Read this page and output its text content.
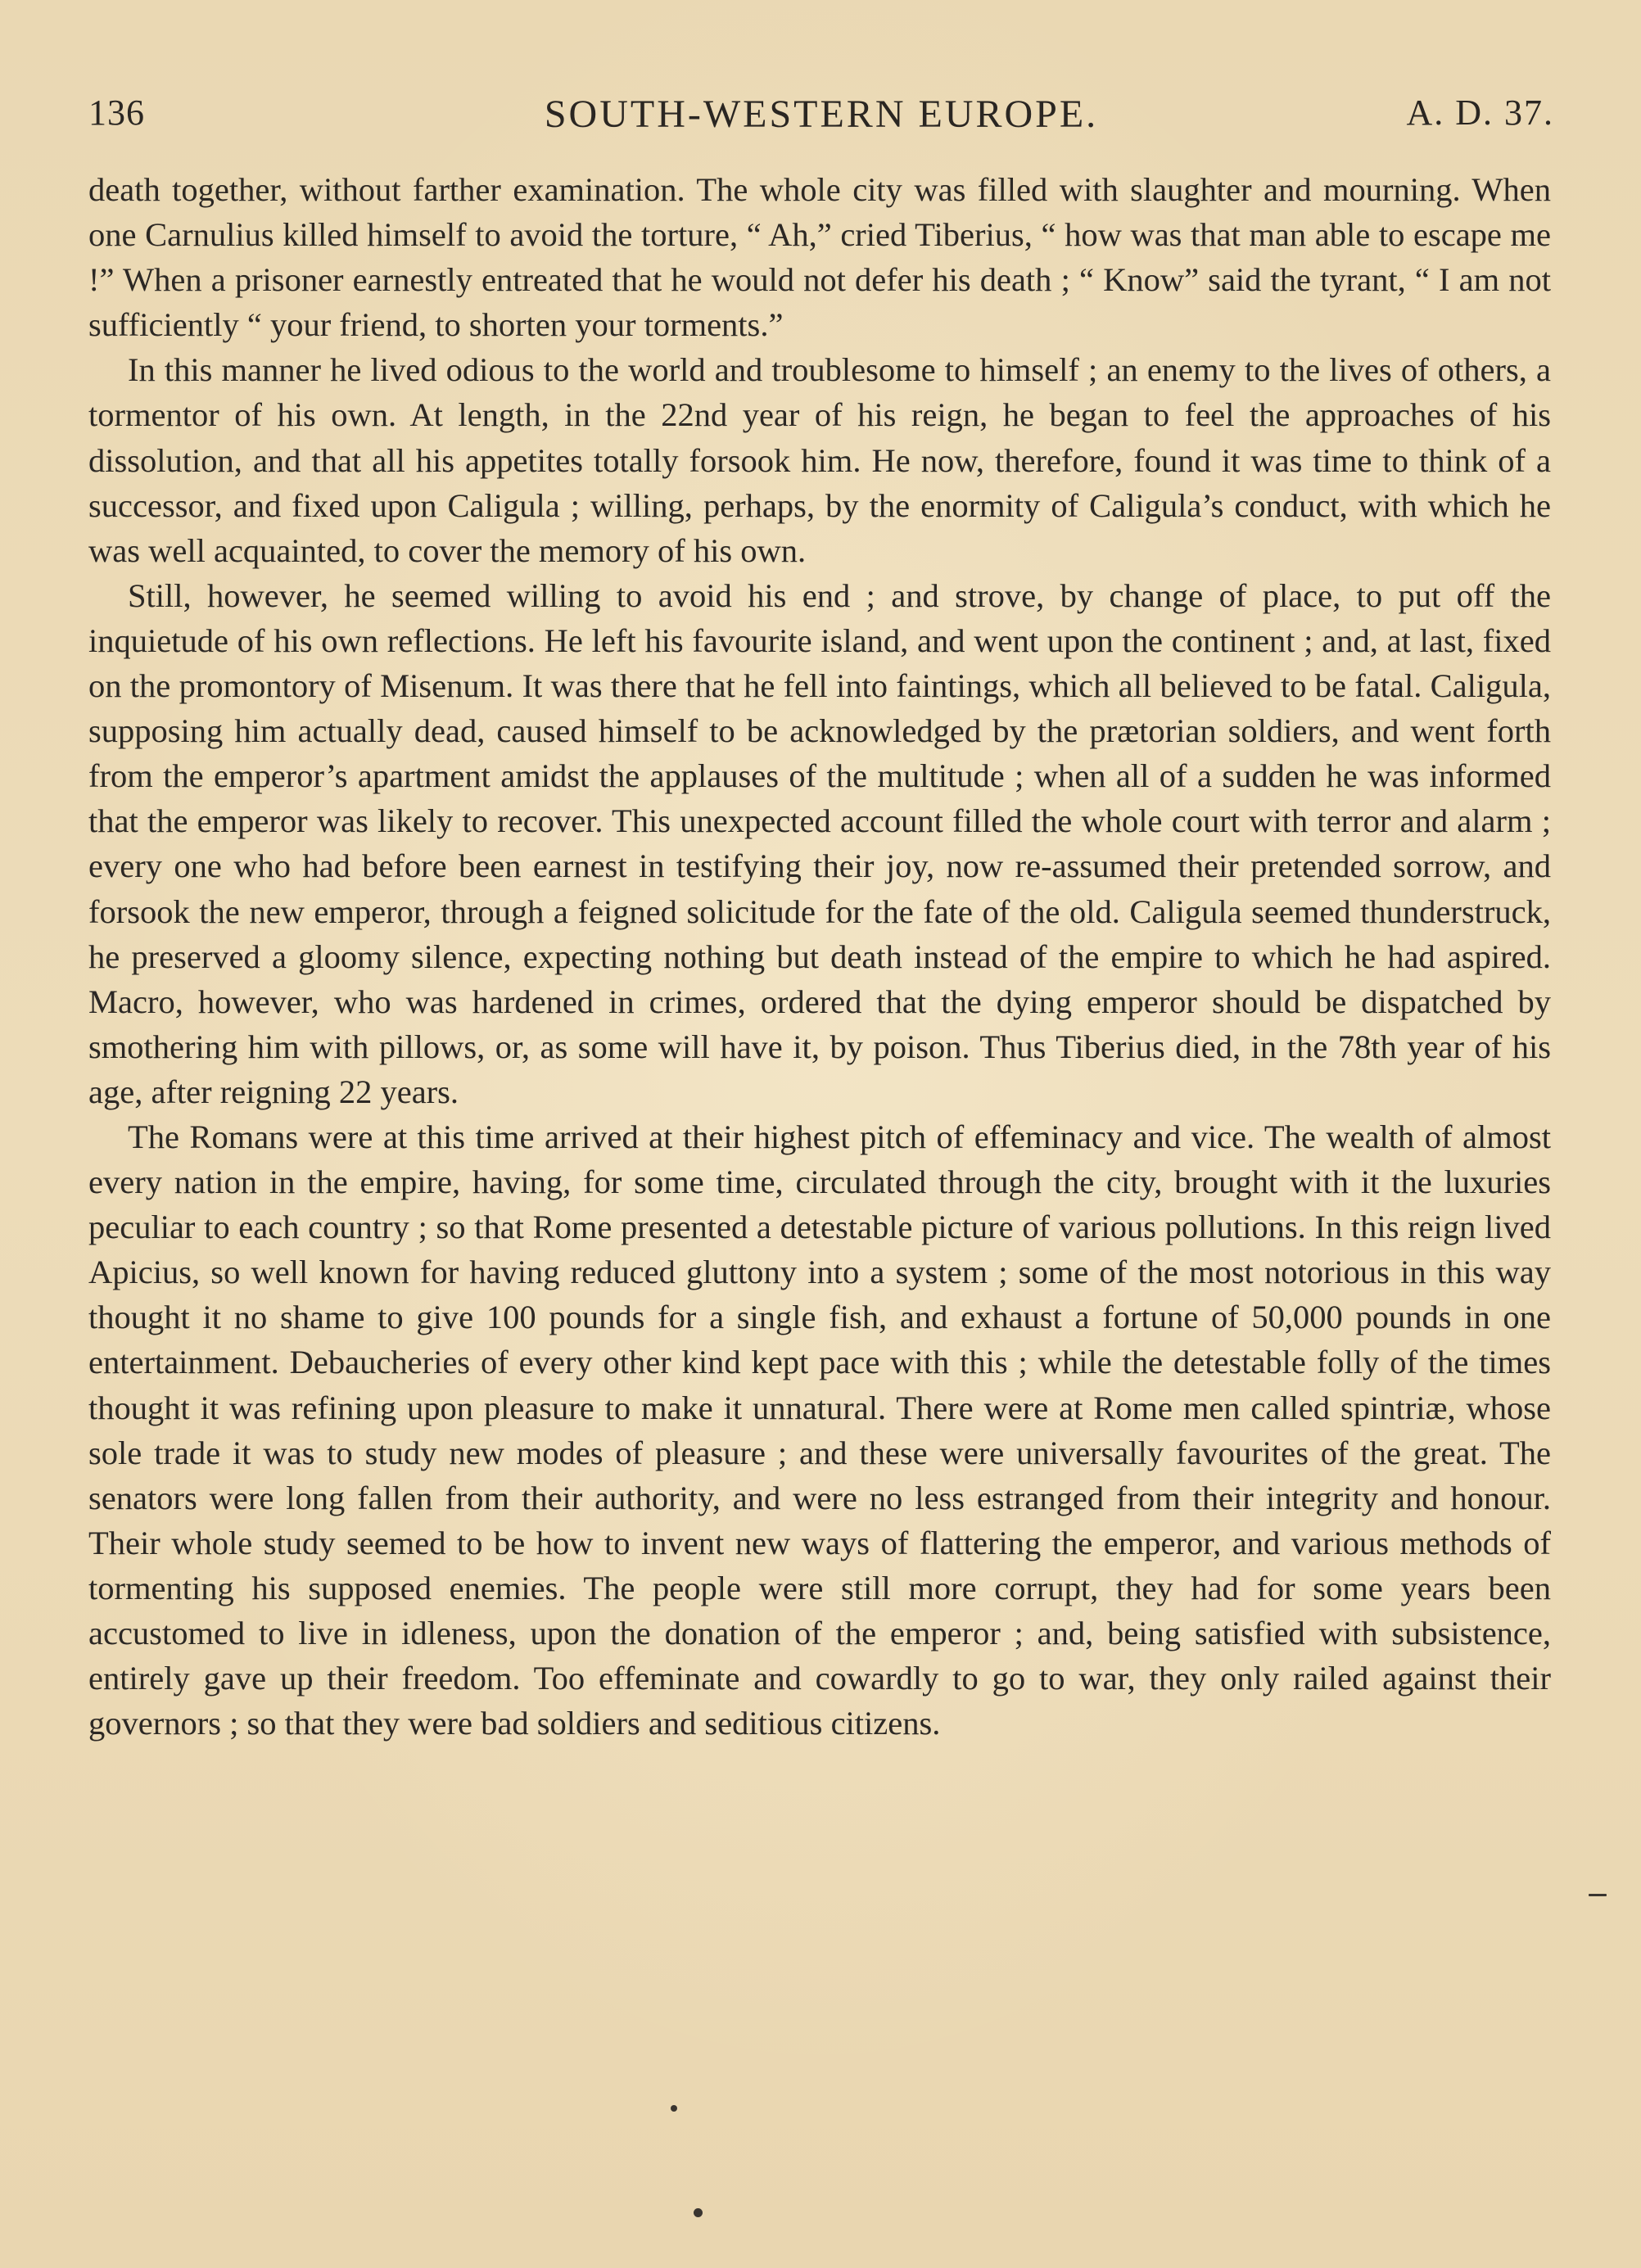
136	SOUTH-WESTERN EUROPE.	A. D. 37.

death together, without farther examination. The whole city was filled with slaughter and mourning. When one Carnulius killed himself to avoid the torture, “ Ah,” cried Tiberius, “ how was that man able to escape me !” When a prisoner earnestly entreated that he would not defer his death ; “ Know” said the tyrant, “ I am not sufficiently “ your friend, to shorten your torments.”

In this manner he lived odious to the world and troublesome to himself ; an enemy to the lives of others, a tormentor of his own. At length, in the 22nd year of his reign, he began to feel the approaches of his dissolution, and that all his appetites totally forsook him. He now, therefore, found it was time to think of a successor, and fixed upon Caligula ; willing, perhaps, by the enormity of Caligula’s conduct, with which he was well acquainted, to cover the memory of his own.

Still, however, he seemed willing to avoid his end ; and strove, by change of place, to put off the inquietude of his own reflections. He left his favourite island, and went upon the continent ; and, at last, fixed on the promontory of Misenum. It was there that he fell into faintings, which all believed to be fatal. Caligula, supposing him actually dead, caused himself to be acknowledged by the prætorian soldiers, and went forth from the emperor’s apartment amidst the applauses of the multitude ; when all of a sudden he was informed that the emperor was likely to recover. This unexpected account filled the whole court with terror and alarm ; every one who had before been earnest in testifying their joy, now re-assumed their pretended sorrow, and forsook the new emperor, through a feigned solicitude for the fate of the old. Caligula seemed thunderstruck, he preserved a gloomy silence, expecting nothing but death instead of the empire to which he had aspired. Macro, however, who was hardened in crimes, ordered that the dying emperor should be dispatched by smothering him with pillows, or, as some will have it, by poison. Thus Tiberius died, in the 78th year of his age, after reigning 22 years.

The Romans were at this time arrived at their highest pitch of effeminacy and vice. The wealth of almost every nation in the empire, having, for some time, circulated through the city, brought with it the luxuries peculiar to each country ; so that Rome presented a detestable picture of various pollutions. In this reign lived Apicius, so well known for having reduced gluttony into a system ; some of the most notorious in this way thought it no shame to give 100 pounds for a single fish, and exhaust a fortune of 50,000 pounds in one entertainment. Debaucheries of every other kind kept pace with this ; while the detestable folly of the times thought it was refining upon pleasure to make it unnatural. There were at Rome men called spintriæ, whose sole trade it was to study new modes of pleasure ; and these were universally favourites of the great. The senators were long fallen from their authority, and were no less estranged from their integrity and honour. Their whole study seemed to be how to invent new ways of flattering the emperor, and various methods of tormenting his supposed enemies. The people were still more corrupt, they had for some years been accustomed to live in idleness, upon the donation of the emperor ; and, being satisfied with subsistence, entirely gave up their freedom. Too effeminate and cowardly to go to war, they only railed against their governors ; so that they were bad soldiers and seditious citizens.
